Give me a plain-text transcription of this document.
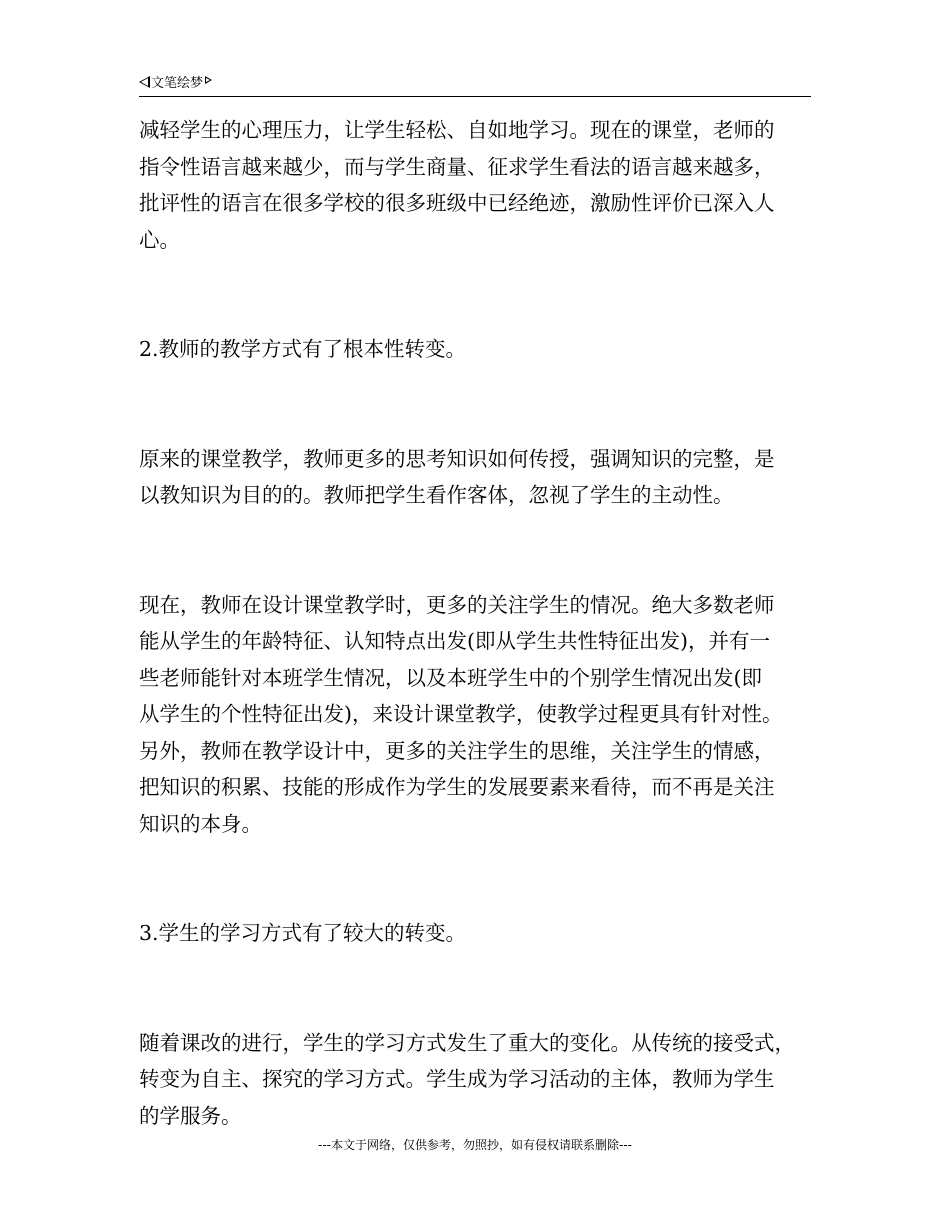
文笔绘梦
减轻学生的心理压力，让学生轻松、自如地学习。现在的课堂，老师的
指令性语言越来越少，而与学生商量、征求学生看法的语言越来越多，
批评性的语言在很多学校的很多班级中已经绝迹，激励性评价已深入人
心。
2.教师的教学方式有了根本性转变。
原来的课堂教学，教师更多的思考知识如何传授，强调知识的完整，是
以教知识为目的的。教师把学生看作客体，忽视了学生的主动性。
现在，教师在设计课堂教学时，更多的关注学生的情况。绝大多数老师
能从学生的年龄特征、认知特点出发(即从学生共性特征出发)，并有一
些老师能针对本班学生情况，以及本班学生中的个别学生情况出发(即
从学生的个性特征出发)，来设计课堂教学，使教学过程更具有针对性。
另外，教师在教学设计中，更多的关注学生的思维，关注学生的情感，
把知识的积累、技能的形成作为学生的发展要素来看待，而不再是关注
知识的本身。
3.学生的学习方式有了较大的转变。
随着课改的进行，学生的学习方式发生了重大的变化。从传统的接受式，
转变为自主、探究的学习方式。学生成为学习活动的主体，教师为学生
的学服务。
---本文于网络，仅供参考，勿照抄，如有侵权请联系删除---
